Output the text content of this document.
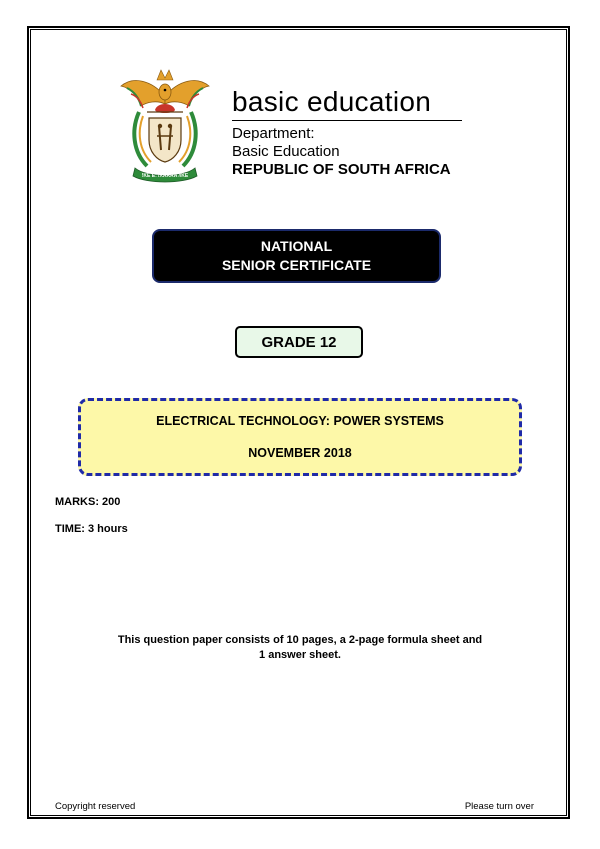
!KE E: /XARRA //KE
basic education
Department:
Basic Education
REPUBLIC OF SOUTH AFRICA
NATIONAL
SENIOR CERTIFICATE
GRADE 12
ELECTRICAL TECHNOLOGY: POWER SYSTEMS
NOVEMBER 2018
MARKS: 200
TIME: 3 hours
This question paper consists of 10 pages, a 2-page formula sheet and
1 answer sheet.
Copyright reserved	Please turn over
